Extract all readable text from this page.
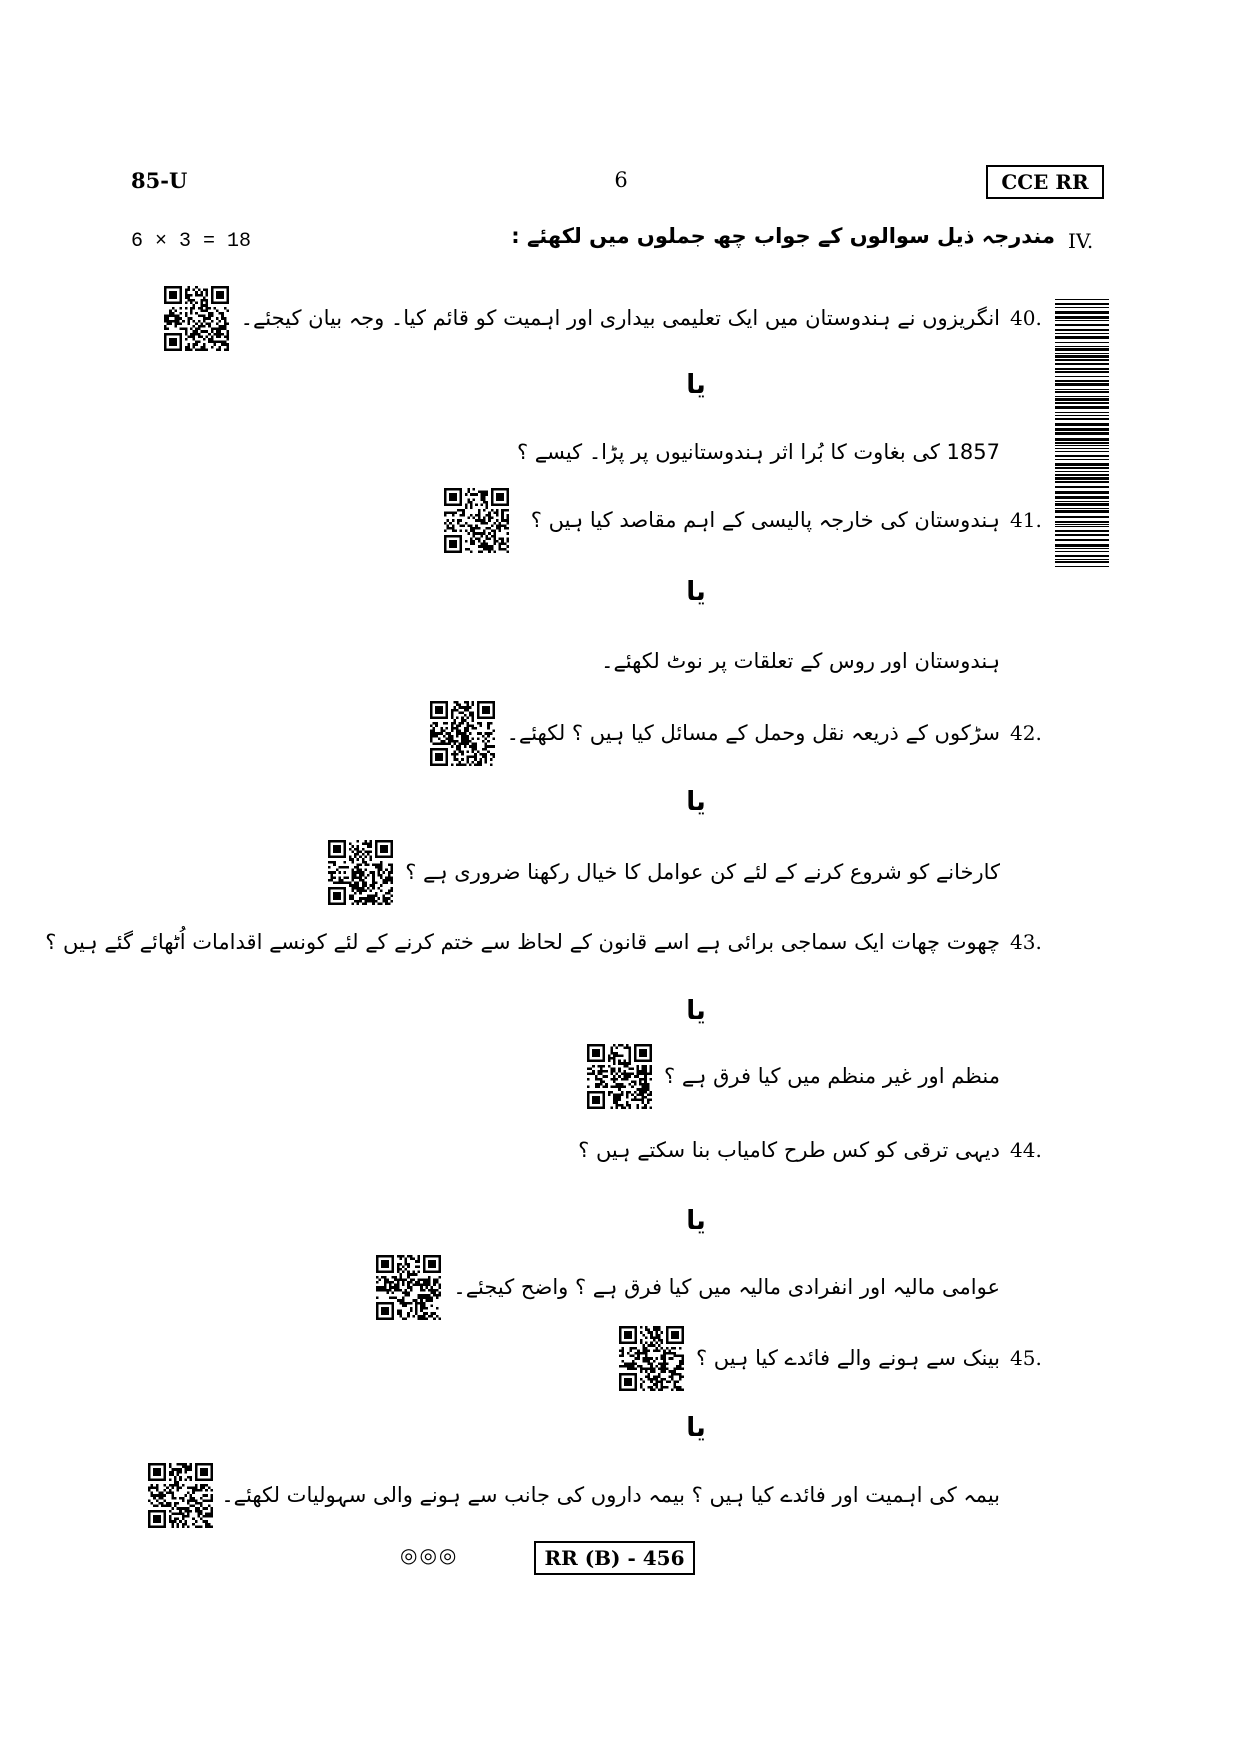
85-U	6	CCE RR
6 × 3 = 18	مندرجہ ذیل سوالوں کے جواب چھ جملوں میں لکھئے : IV.
40.
انگریزوں نے ہندوستان میں ایک تعلیمی بیداری اور اہمیت کو قائم کیا۔ وجہ بیان کیجئے۔
یا
1857 کی بغاوت کا بُرا اثر ہندوستانیوں پر پڑا۔ کیسے ؟
41.
ہندوستان کی خارجہ پالیسی کے اہم مقاصد کیا ہیں ؟
یا
ہندوستان اور روس کے تعلقات پر نوٹ لکھئے۔
42.
سڑکوں کے ذریعہ نقل وحمل کے مسائل کیا ہیں ؟ لکھئے۔
یا
کارخانے کو شروع کرنے کے لئے کن عوامل کا خیال رکھنا ضروری ہے ؟
43.
چھوت چھات ایک سماجی برائی ہے اسے قانون کے لحاظ سے ختم کرنے کے لئے کونسے اقدامات اُٹھائے گئے ہیں ؟
یا
منظم اور غیر منظم میں کیا فرق ہے ؟
44.
دیہی ترقی کو کس طرح کامیاب بنا سکتے ہیں ؟
یا
عوامی مالیہ اور انفرادی مالیہ میں کیا فرق ہے ؟ واضح کیجئے۔
45.
بینک سے ہونے والے فائدے کیا ہیں ؟
یا
بیمہ کی اہمیت اور فائدے کیا ہیں ؟ بیمہ داروں کی جانب سے ہونے والی سہولیات لکھئے۔
◎◎◎	RR (B) - 456
